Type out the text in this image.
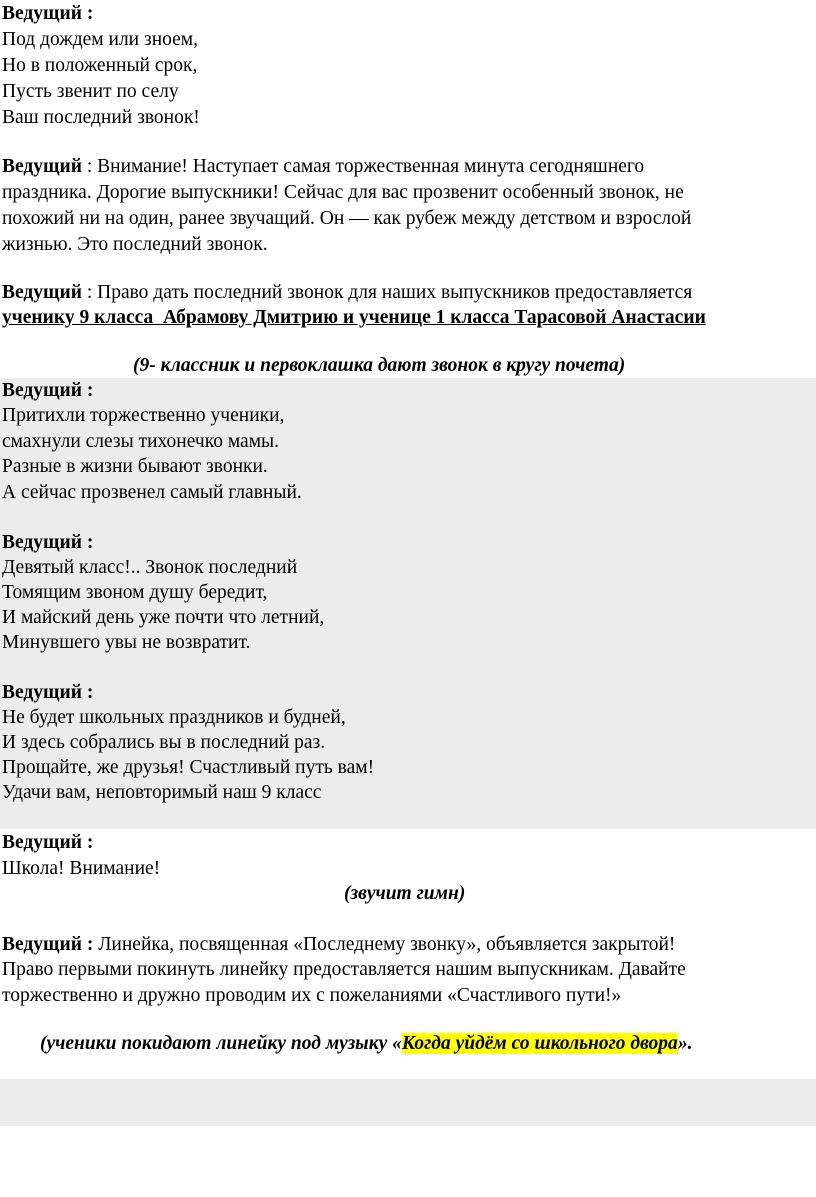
Ведущий :
Под дождем или зноем,
Но в положенный срок,
Пусть звенит по селу
Ваш последний звонок!
Ведущий : Внимание! Наступает самая торжественная минута сегодняшнего
праздника. Дорогие выпускники! Сейчас для вас прозвенит особенный звонок, не
похожий ни на один, ранее звучащий. Он — как рубеж между детством и взрослой
жизнью. Это последний звонок.
Ведущий : Право дать последний звонок для наших выпускников предоставляется
ученику 9 класса  Абрамову Дмитрию и ученице 1 класса Тарасовой Анастасии
(9- классник и первоклашка дают звонок в кругу почета)
Ведущий :
Притихли торжественно ученики,
смахнули слезы тихонечко мамы.
Разные в жизни бывают звонки.
А сейчас прозвенел самый главный.
Ведущий :
Девятый класс!.. Звонок последний
Томящим звоном душу бередит,
И майский день уже почти что летний,
Минувшего увы не возвратит.
Ведущий :
Не будет школьных праздников и будней,
И здесь собрались вы в последний раз.
Прощайте, же друзья! Счастливый путь вам!
Удачи вам, неповторимый наш 9 класс
Ведущий :
Школа! Внимание!
(звучит гимн)
Ведущий : Линейка, посвященная «Последнему звонку», объявляется закрытой!
Право первыми покинуть линейку предоставляется нашим выпускникам. Давайте
торжественно и дружно проводим их с пожеланиями «Счастливого пути!»
(ученики покидают линейку под музыку «Когда уйдём со школьного двора».
